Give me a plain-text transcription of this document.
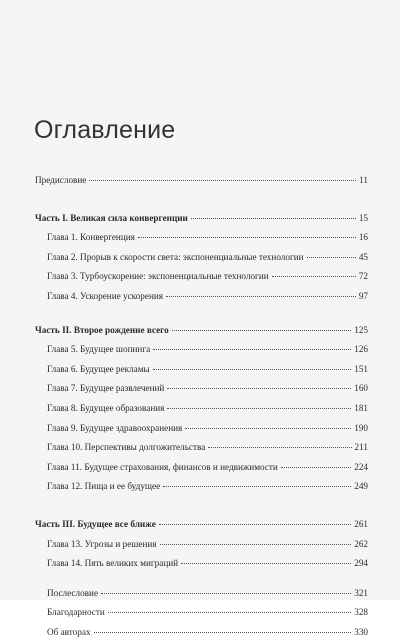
Оглавление
Предисловие	11
Часть I. Великая сила конвергенции	15
Глава 1. Конвергенция	16
Глава 2. Прорыв к скорости света: экспоненциальные технологии	45
Глава 3. Турбоускорение: экспоненциальные технологии	72
Глава 4. Ускорение ускорения	97
Часть II. Второе рождение всего	125
Глава 5. Будущее шопинга	126
Глава 6. Будущее рекламы	151
Глава 7. Будущее развлечений	160
Глава 8. Будущее образования	181
Глава 9. Будущее здравоохранения	190
Глава 10. Перспективы долгожительства	211
Глава 11. Будущее страхования, финансов и недвижимости	224
Глава 12. Пища и ее будущее	249
Часть III. Будущее все ближе	261
Глава 13. Угрозы и решения	262
Глава 14. Пять великих миграций	294
Послесловие	321
Благодарности	328
Об авторах	330
